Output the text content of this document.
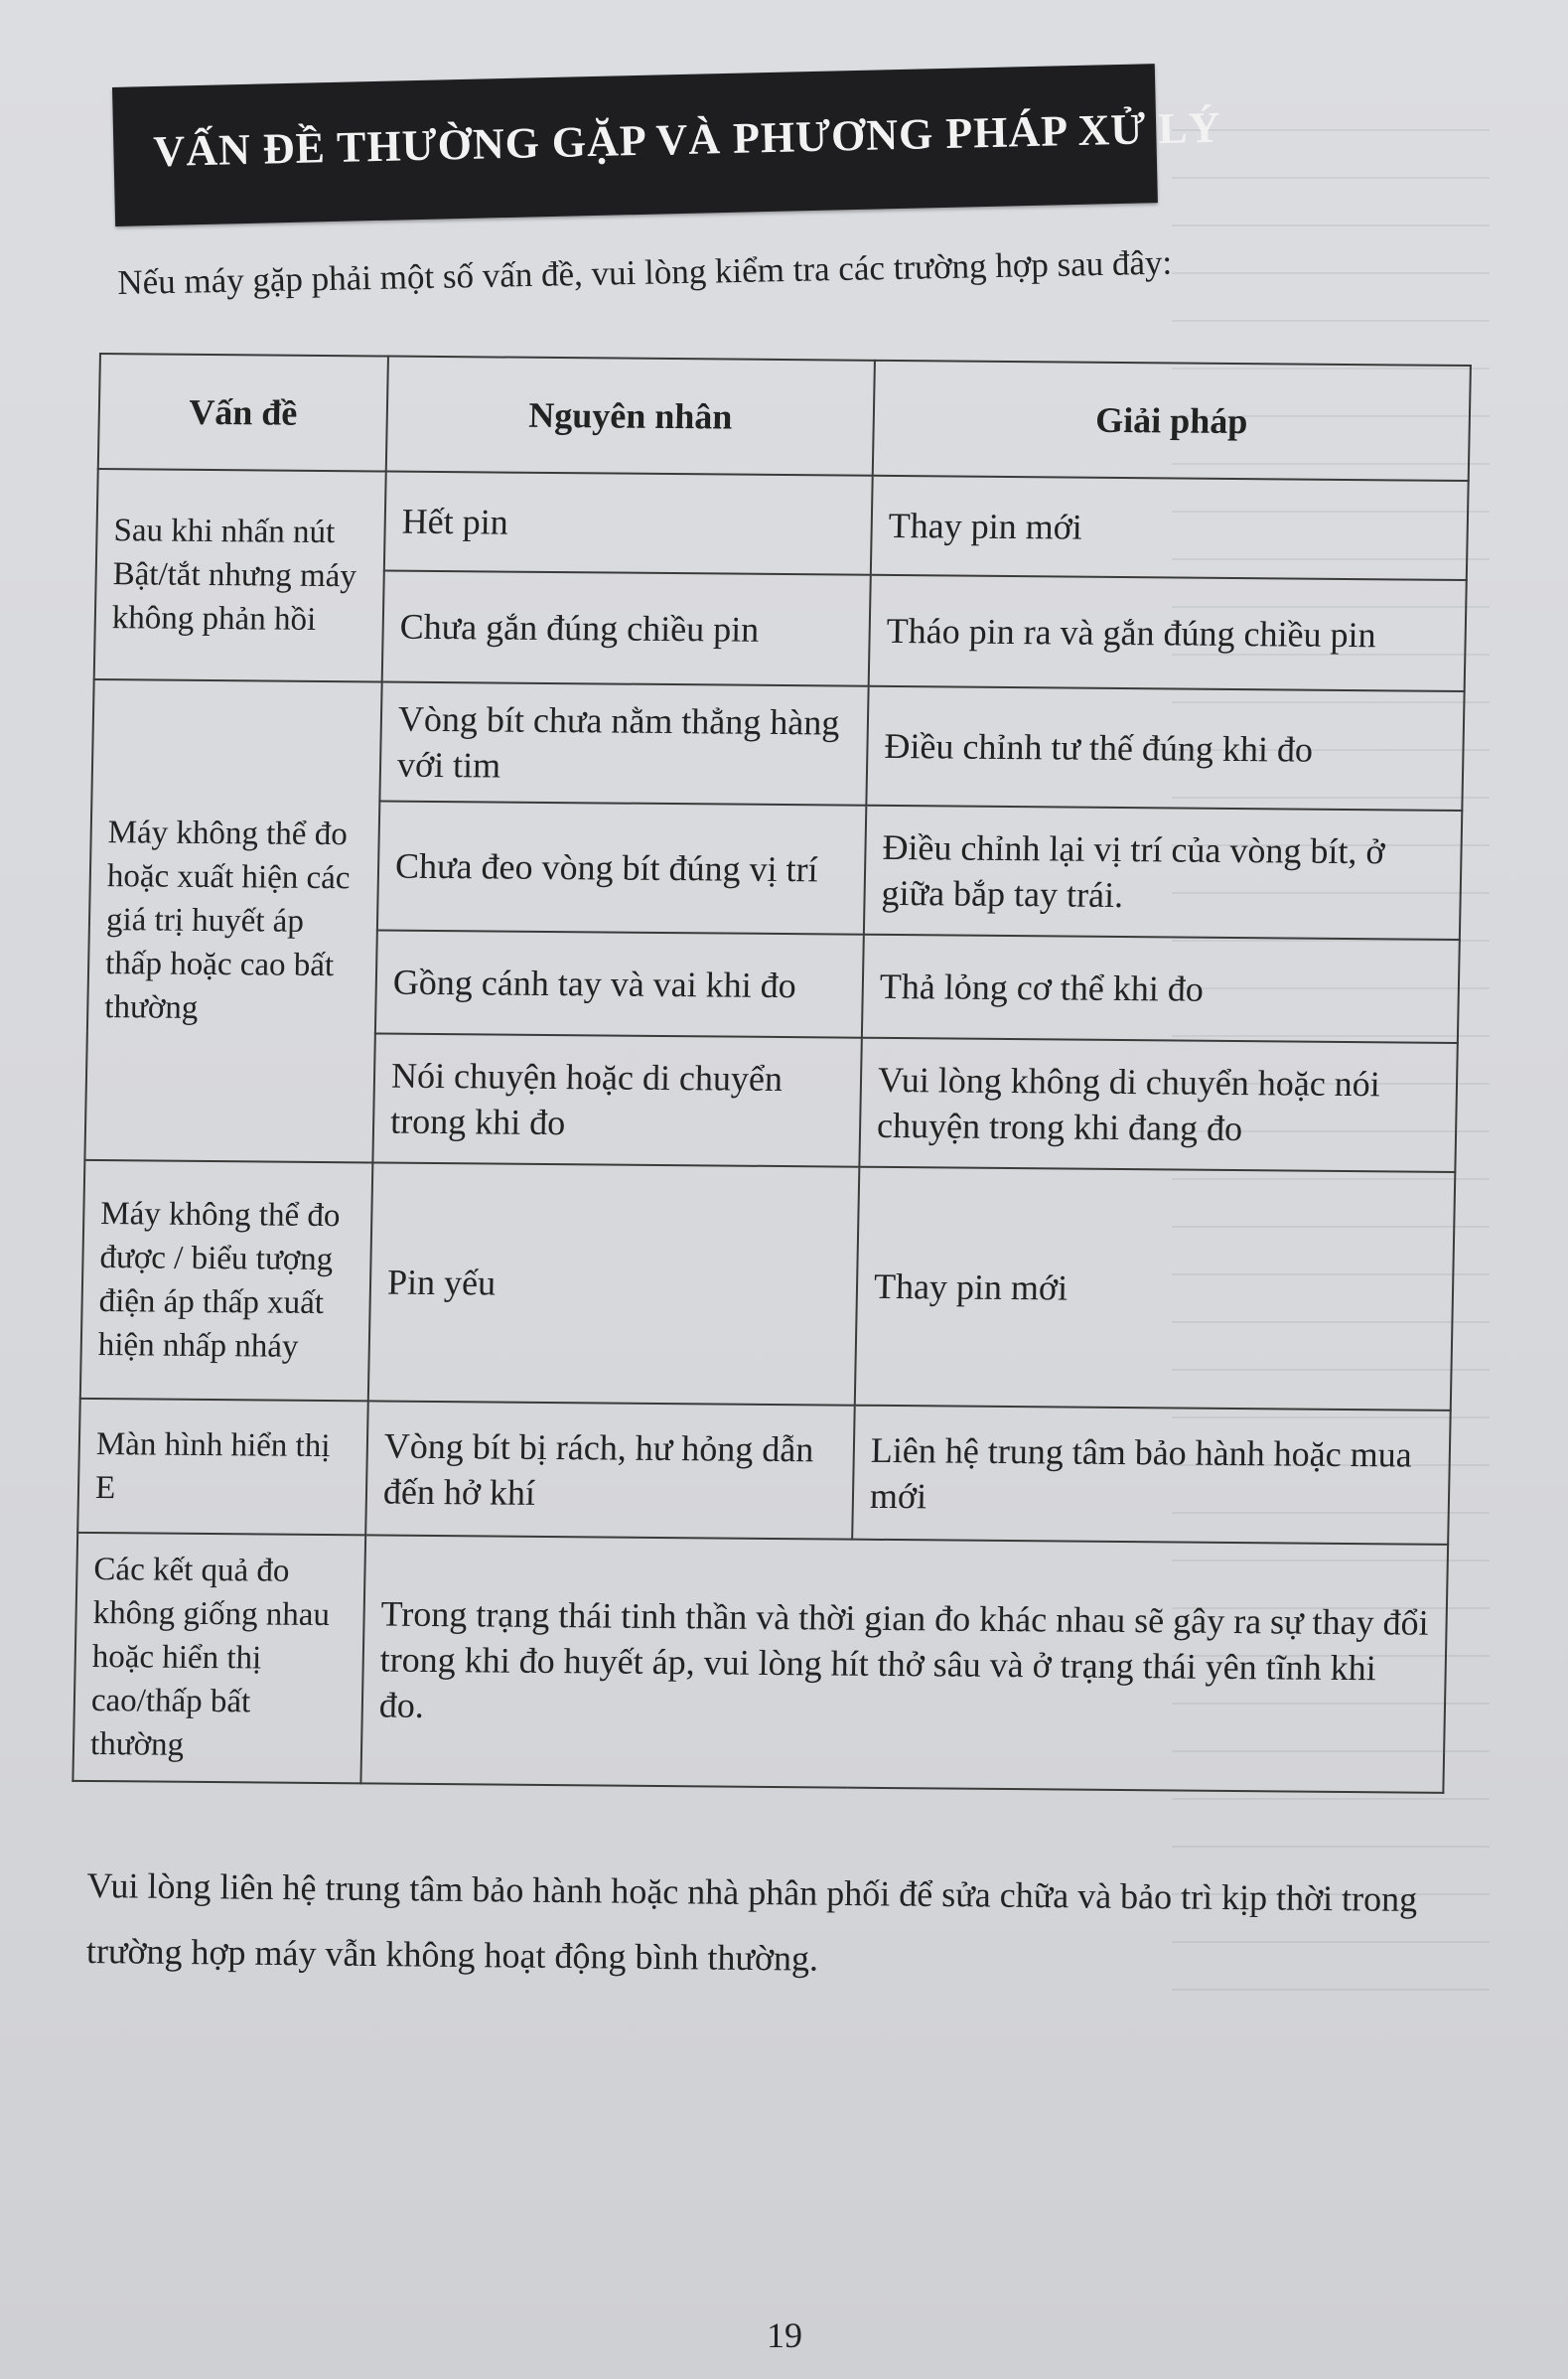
VẤN ĐỀ THƯỜNG GẶP VÀ PHƯƠNG PHÁP XỬ LÝ

Nếu máy gặp phải một số vấn đề, vui lòng kiểm tra các trường hợp sau đây:

Vấn đề	Nguyên nhân	Giải pháp
Sau khi nhấn nút Bật/tắt nhưng máy không phản hồi	Hết pin	Thay pin mới
	Chưa gắn đúng chiều pin	Tháo pin ra và gắn đúng chiều pin
Máy không thể đo hoặc xuất hiện các giá trị huyết áp thấp hoặc cao bất thường	Vòng bít chưa nằm thẳng hàng với tim	Điều chỉnh tư thế đúng khi đo
	Chưa đeo vòng bít đúng vị trí	Điều chỉnh lại vị trí của vòng bít, ở giữa bắp tay trái.
	Gồng cánh tay và vai khi đo	Thả lỏng cơ thể khi đo
	Nói chuyện hoặc di chuyển trong khi đo	Vui lòng không di chuyển hoặc nói chuyện trong khi đang đo
Máy không thể đo được / biểu tượng điện áp thấp xuất hiện nhấp nháy	Pin yếu	Thay pin mới
Màn hình hiển thị E	Vòng bít bị rách, hư hỏng dẫn đến hở khí	Liên hệ trung tâm bảo hành hoặc mua mới
Các kết quả đo không giống nhau hoặc hiển thị cao/thấp bất thường	Trong trạng thái tinh thần và thời gian đo khác nhau sẽ gây ra sự thay đổi trong khi đo huyết áp, vui lòng hít thở sâu và ở trạng thái yên tĩnh khi đo.	

Vui lòng liên hệ trung tâm bảo hành hoặc nhà phân phối để sửa chữa và bảo trì kịp thời trong trường hợp máy vẫn không hoạt động bình thường.

19
